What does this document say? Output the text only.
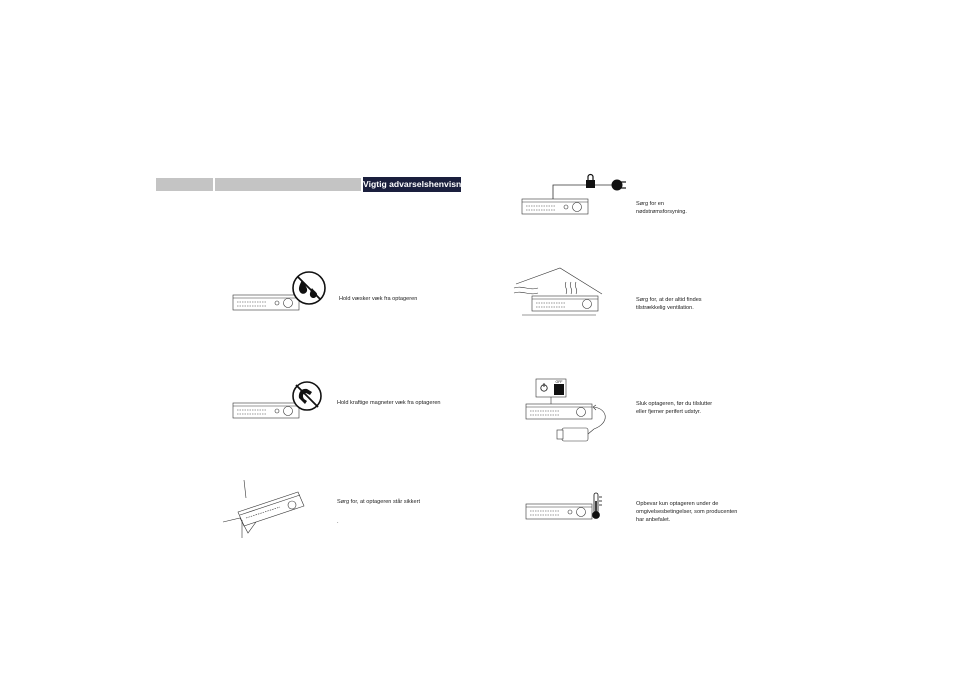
Vigtig advarselshenvisning
Hold væsker væk fra optageren
Hold kraftige magneter væk fra optageren
Sørg for, at optageren står sikkert
.
Sørg for en
nødstrømsforsyning.
Sørg for, at der altid findes
tilstrækkelig ventilation.
OFF
Sluk optageren, før du tilslutter
eller fjerner perifert udstyr.
Opbevar kun optageren under de
omgivelsesbetingelser, som producenten
har anbefalet.
